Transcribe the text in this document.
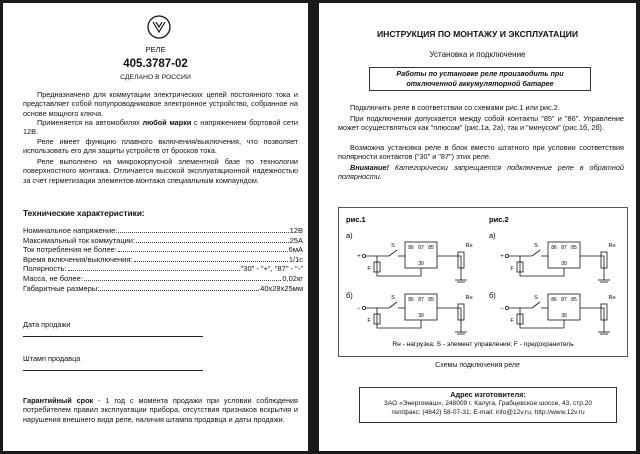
РЕЛЕ
405.3787-02
СДЕЛАНО В РОССИИ
Предназначено для коммутации электрических цепей постоянного тока и представляет собой полупроводниковое электронное устройство, собранное на основе мощного ключа.
Применяется на автомобилях любой марки с напряжением бортовой сети 12В.
Реле имеет функцию плавного включения/выключения, что позволяет использовать его для защиты устройств от бросков тока.
Реле выполнено на микрокорпусной элементной базе по технологии поверхностного монтажа. Отличается высокой эксплуатационной надежностью за счет герметизации элементов монтажа специальным компаундом.
Технические характеристики:
Номинальное напряжение:	12В
Максимальный ток коммутации:	25А
Ток потребления не более:	6мА
Время включения/выключения:	1/1с
Полярность:	"30" - "+", "87" - "-"
Масса, не более:	0,02кг
Габаритные размеры:	40х28х25мм
Дата продажи
Штамп продавца
Гарантийный срок - 1 год с момента продажи при условии соблюдения потребителем правил эксплуатации прибора, отсутствия признаков вскрытия и нарушения внешнего вида реле, наличия штампа продавца и даты продажи.
ИНСТРУКЦИЯ ПО МОНТАЖУ И ЭКСПЛУАТАЦИИ
Установка и подключение
Работы по установке реле производить при отключенной аккумуляторной батарее
Подключить реле в соответствии со схемами рис.1 или рис.2.
При подключении допускается между собой контакты "85" и "86". Управление может осуществляться как "плюсом" (рис.1а, 2а), так и "минусом" (рис.1б, 2б).
Возможна установка реле в блок вместо штатного при условии соответствия полярности контактов ("30" и "87") этих реле.
Внимание! Категорически запрещается подключение реле в обратной полярности.
рис.1	рис.2
а)	а)
б)	б)
+
S	86 87 85
30
F
Rн
+
S	86 87 85
30
F
Rн
−
S	86 87 85
30
F
Rн
−
S	86 87 85
30
F
Rн
Rн - нагрузка; S - элемент управления; F - предохранитель
Схемы подключения реле
Адрес изготовителя:
ЗАО «Энергомаш», 248009 г. Калуга, Грабцевское шоссе, 43, стр.20
тел/факс: (4842) 58-07-31; E-mail: info@12v.ru, http://www.12v.ru
